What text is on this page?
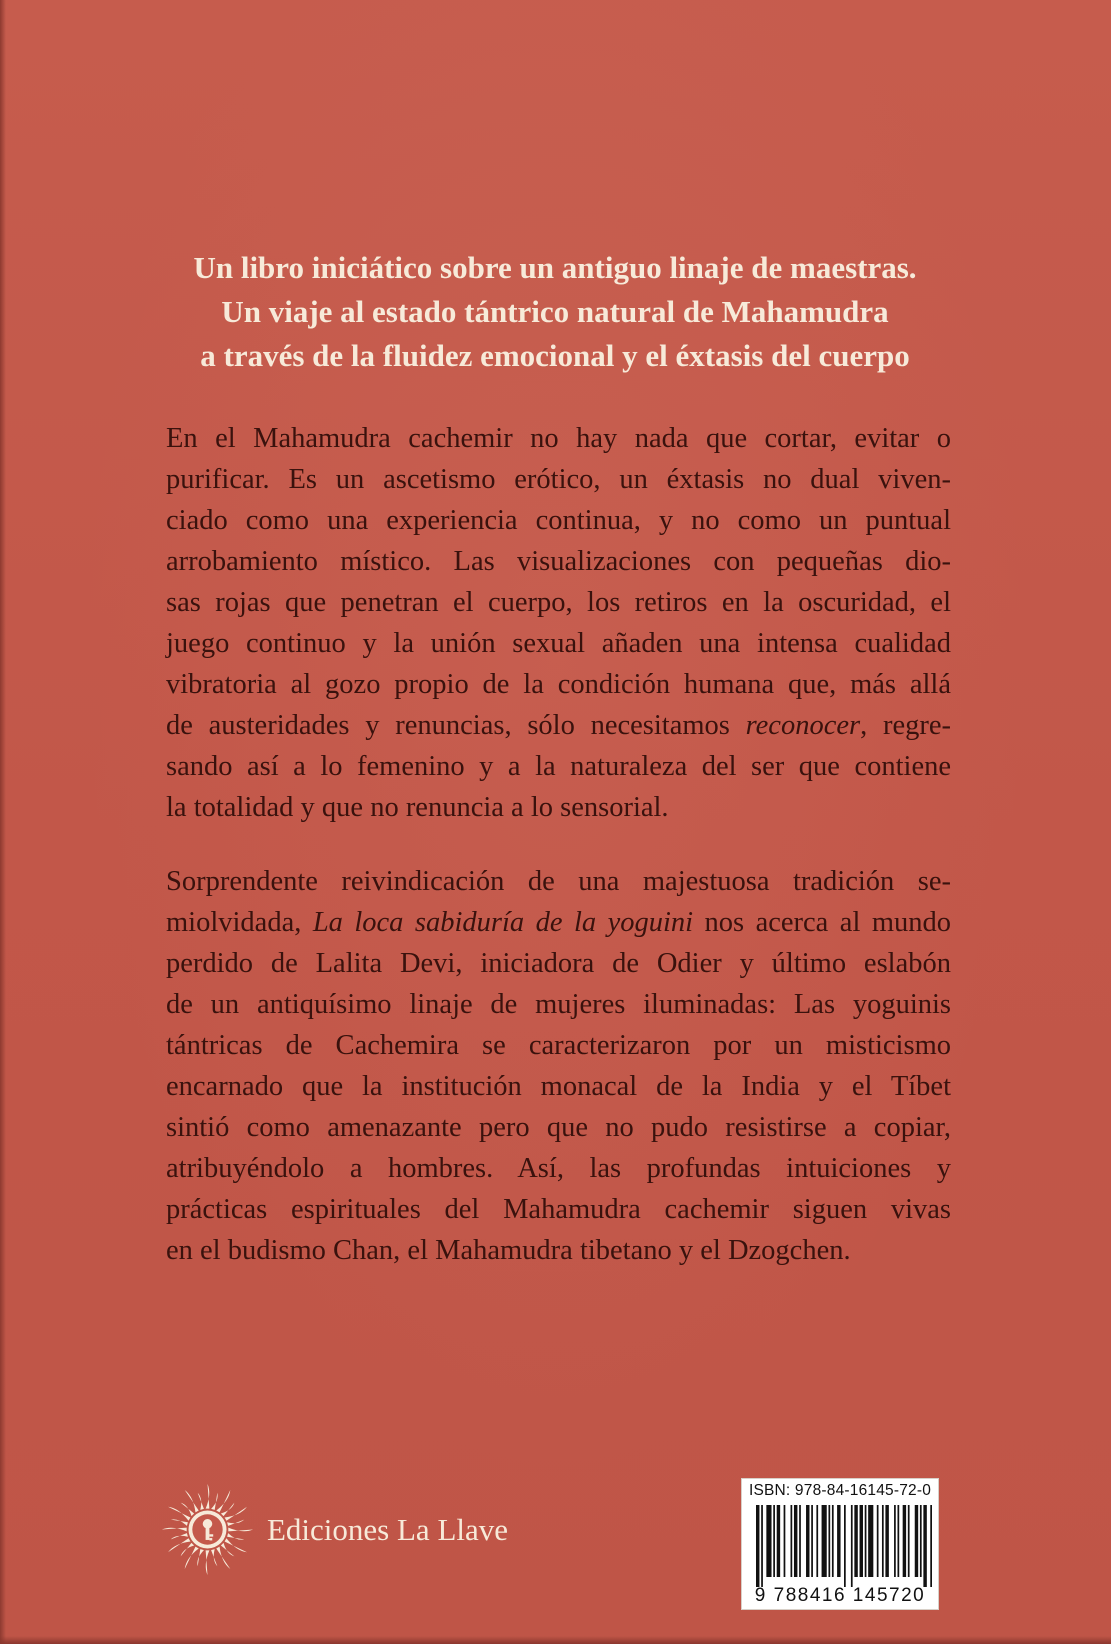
Un libro iniciático sobre un antiguo linaje de maestras.
Un viaje al estado tántrico natural de Mahamudra
a través de la fluidez emocional y el éxtasis del cuerpo

En el Mahamudra cachemir no hay nada que cortar, evitar o
purificar. Es un ascetismo erótico, un éxtasis no dual viven-
ciado como una experiencia continua, y no como un puntual
arrobamiento místico. Las visualizaciones con pequeñas dio-
sas rojas que penetran el cuerpo, los retiros en la oscuridad, el
juego continuo y la unión sexual añaden una intensa cualidad
vibratoria al gozo propio de la condición humana que, más allá
de austeridades y renuncias, sólo necesitamos reconocer, regre-
sando así a lo femenino y a la naturaleza del ser que contiene
la totalidad y que no renuncia a lo sensorial.

Sorprendente reivindicación de una majestuosa tradición se-
miolvidada, La loca sabiduría de la yoguini nos acerca al mundo
perdido de Lalita Devi, iniciadora de Odier y último eslabón
de un antiquísimo linaje de mujeres iluminadas: Las yoguinis
tántricas de Cachemira se caracterizaron por un misticismo
encarnado que la institución monacal de la India y el Tíbet
sintió como amenazante pero que no pudo resistirse a copiar,
atribuyéndolo a hombres. Así, las profundas intuiciones y
prácticas espirituales del Mahamudra cachemir siguen vivas
en el budismo Chan, el Mahamudra tibetano y el Dzogchen.

Ediciones La Llave
ISBN: 978-84-16145-72-0
9 788416 145720
